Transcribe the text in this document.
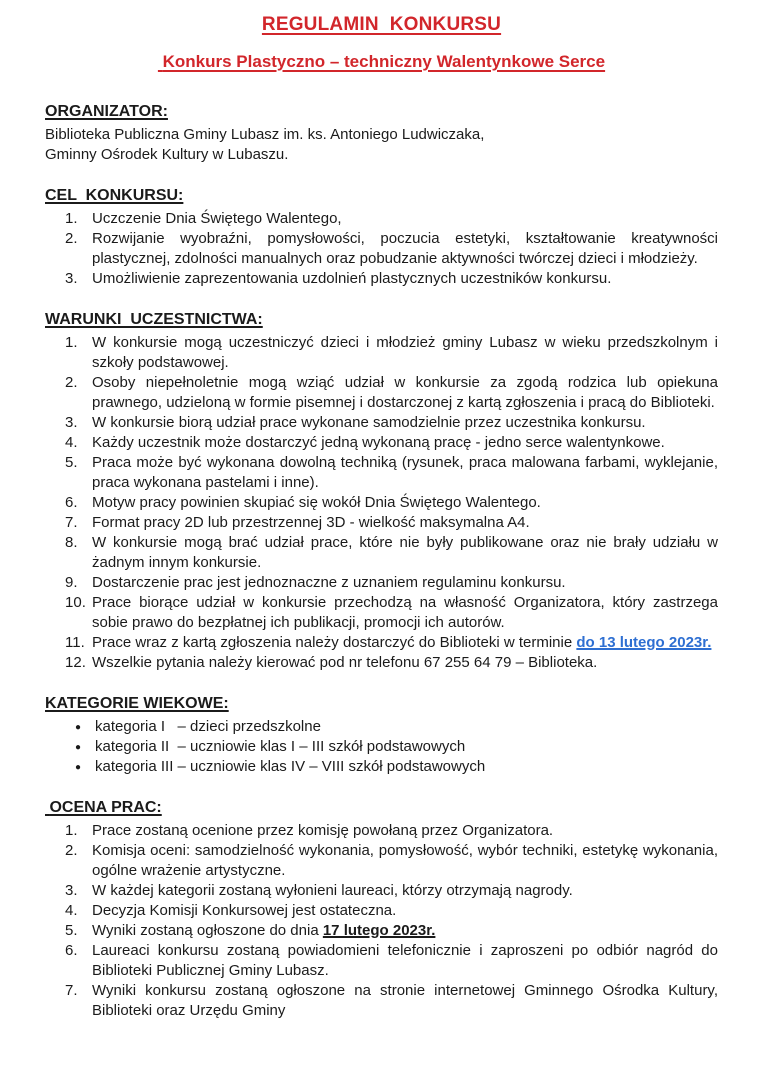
REGULAMIN  KONKURSU
Konkurs Plastyczno – techniczny Walentynkowe Serce
ORGANIZATOR:
Biblioteka Publiczna Gminy Lubasz im. ks. Antoniego Ludwiczaka,
Gminny Ośrodek Kultury w Lubaszu.
CEL  KONKURSU:
Uczczenie Dnia Świętego Walentego,
Rozwijanie wyobraźni, pomysłowości, poczucia estetyki, kształtowanie kreatywności plastycznej, zdolności manualnych oraz pobudzanie aktywności twórczej dzieci i młodzieży.
Umożliwienie zaprezentowania uzdolnień plastycznych uczestników konkursu.
WARUNKI  UCZESTNICTWA:
W konkursie mogą uczestniczyć dzieci i młodzież gminy Lubasz w wieku przedszkolnym i szkoły podstawowej.
Osoby niepełnoletnie mogą wziąć udział w konkursie za zgodą rodzica lub opiekuna prawnego, udzieloną w formie pisemnej i dostarczonej z kartą zgłoszenia i pracą do Biblioteki.
W konkursie biorą udział prace wykonane samodzielnie przez uczestnika konkursu.
Każdy uczestnik może dostarczyć jedną wykonaną pracę - jedno serce walentynkowe.
Praca może być wykonana dowolną techniką (rysunek, praca malowana farbami, wyklejanie, praca wykonana pastelami i inne).
Motyw pracy powinien skupiać się wokół Dnia Świętego Walentego.
Format pracy 2D lub przestrzennej 3D - wielkość maksymalna A4.
W konkursie mogą brać udział prace, które nie były publikowane oraz nie brały udziału w żadnym innym konkursie.
Dostarczenie prac jest jednoznaczne z uznaniem regulaminu konkursu.
Prace biorące udział w konkursie przechodzą na własność Organizatora, który zastrzega sobie prawo do bezpłatnej ich publikacji, promocji ich autorów.
Prace wraz z kartą zgłoszenia należy dostarczyć do Biblioteki w terminie do 13 lutego 2023r.
Wszelkie pytania należy kierować pod nr telefonu 67 255 64 79 – Biblioteka.
KATEGORIE WIEKOWE:
● kategoria I   – dzieci przedszkolne
● kategoria II  – uczniowie klas I – III szkół podstawowych
● kategoria III – uczniowie klas IV – VIII szkół podstawowych
OCENA PRAC:
Prace zostaną ocenione przez komisję powołaną przez Organizatora.
Komisja oceni: samodzielność wykonania, pomysłowość, wybór techniki, estetykę wykonania, ogólne wrażenie artystyczne.
W każdej kategorii zostaną wyłonieni laureaci, którzy otrzymają nagrody.
Decyzja Komisji Konkursowej jest ostateczna.
Wyniki zostaną ogłoszone do dnia 17 lutego 2023r.
Laureaci konkursu zostaną powiadomieni telefonicznie i zaproszeni po odbiór nagród do Biblioteki Publicznej Gminy Lubasz.
Wyniki konkursu zostaną ogłoszone na stronie internetowej Gminnego Ośrodka Kultury, Biblioteki oraz Urzędu Gminy
